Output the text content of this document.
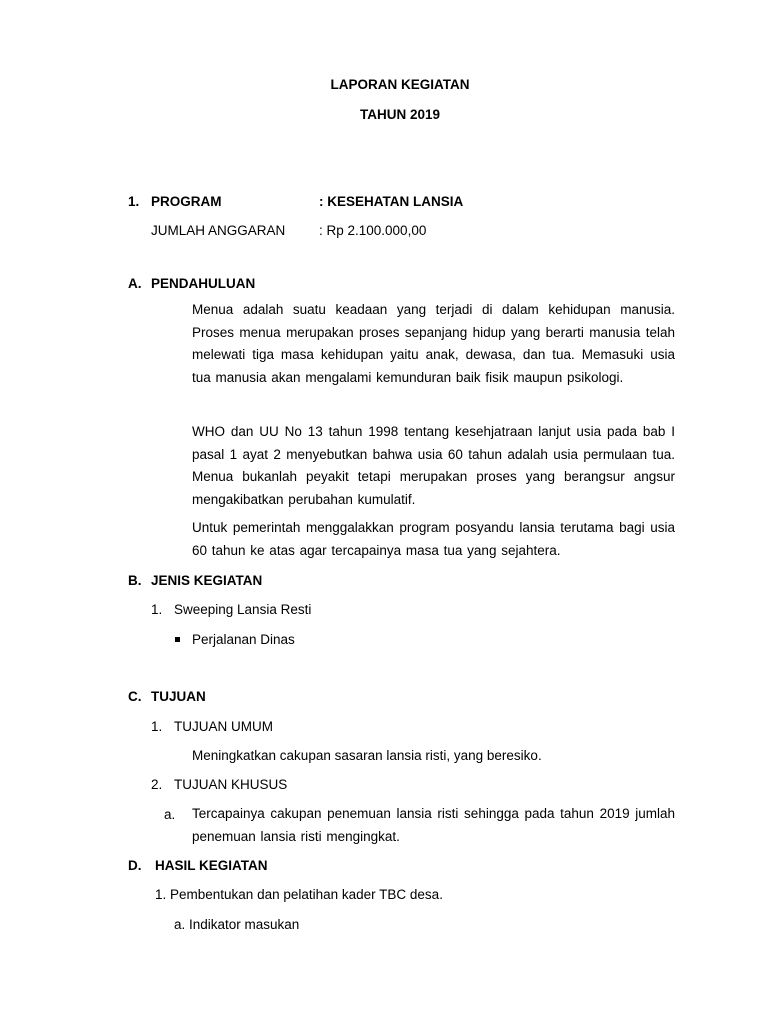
LAPORAN KEGIATAN
TAHUN 2019
1. PROGRAM	: KESEHATAN LANSIA
JUMLAH ANGGARAN : Rp 2.100.000,00
A. PENDAHULUAN
Menua adalah suatu keadaan yang terjadi di dalam kehidupan manusia. Proses menua merupakan proses sepanjang hidup yang berarti manusia telah melewati tiga masa kehidupan yaitu anak, dewasa, dan tua. Memasuki usia tua manusia akan mengalami kemunduran baik fisik maupun psikologi.
WHO dan UU No 13 tahun 1998 tentang kesehjatraan lanjut usia pada bab I pasal 1 ayat 2 menyebutkan bahwa usia 60 tahun adalah usia permulaan tua. Menua bukanlah peyakit tetapi merupakan proses yang berangsur angsur mengakibatkan perubahan kumulatif.
Untuk pemerintah menggalakkan program posyandu lansia terutama bagi usia 60 tahun ke atas agar tercapainya masa tua yang sejahtera.
B. JENIS KEGIATAN
1. Sweeping Lansia Resti
Perjalanan Dinas
C. TUJUAN
1. TUJUAN UMUM
Meningkatkan cakupan sasaran lansia risti, yang beresiko.
2. TUJUAN KHUSUS
a. Tercapainya cakupan penemuan lansia risti sehingga pada tahun 2019 jumlah penemuan lansia risti mengingkat.
D. HASIL KEGIATAN
1. Pembentukan dan pelatihan kader TBC desa.
a. Indikator masukan
